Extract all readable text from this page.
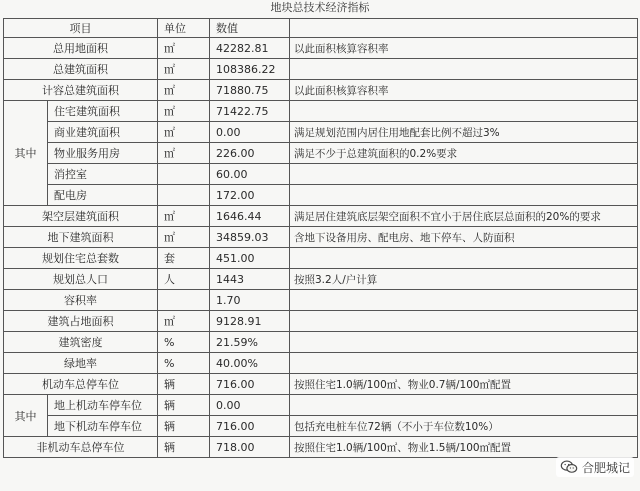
地块总技术经济指标
项目		单位	数值	
总用地面积		㎡	42282.81	以此面积核算容积率
总建筑面积		㎡	108386.22	
计容总建筑面积		㎡	71880.75	以此面积核算容积率
其中	住宅建筑面积	㎡	71422.75	
	商业建筑面积	㎡	0.00	满足规划范围内居住用地配套比例不超过3%
	物业服务用房	㎡	226.00	满足不少于总建筑面积的0.2%要求
	消控室		60.00	
	配电房		172.00	
架空层建筑面积		㎡	1646.44	满足居住建筑底层架空面积不宜小于居住底层总面积的20%的要求
地下建筑面积		㎡	34859.03	含地下设备用房、配电房、地下停车、人防面积
规划住宅总套数		套	451.00	
规划总人口		人	1443	按照3.2人/户计算
容积率			1.70	
建筑占地面积		㎡	9128.91	
建筑密度		%	21.59%	
绿地率		%	40.00%	
机动车总停车位		辆	716.00	按照住宅1.0辆/100㎡、物业0.7辆/100㎡配置
其中	地上机动车停车位	辆	0.00	
	地下机动车停车位	辆	716.00	包括充电桩车位72辆（不小于车位数10%）
非机动车总停车位		辆	718.00	按照住宅1.0辆/100㎡、物业1.5辆/100㎡配置
合肥城记
